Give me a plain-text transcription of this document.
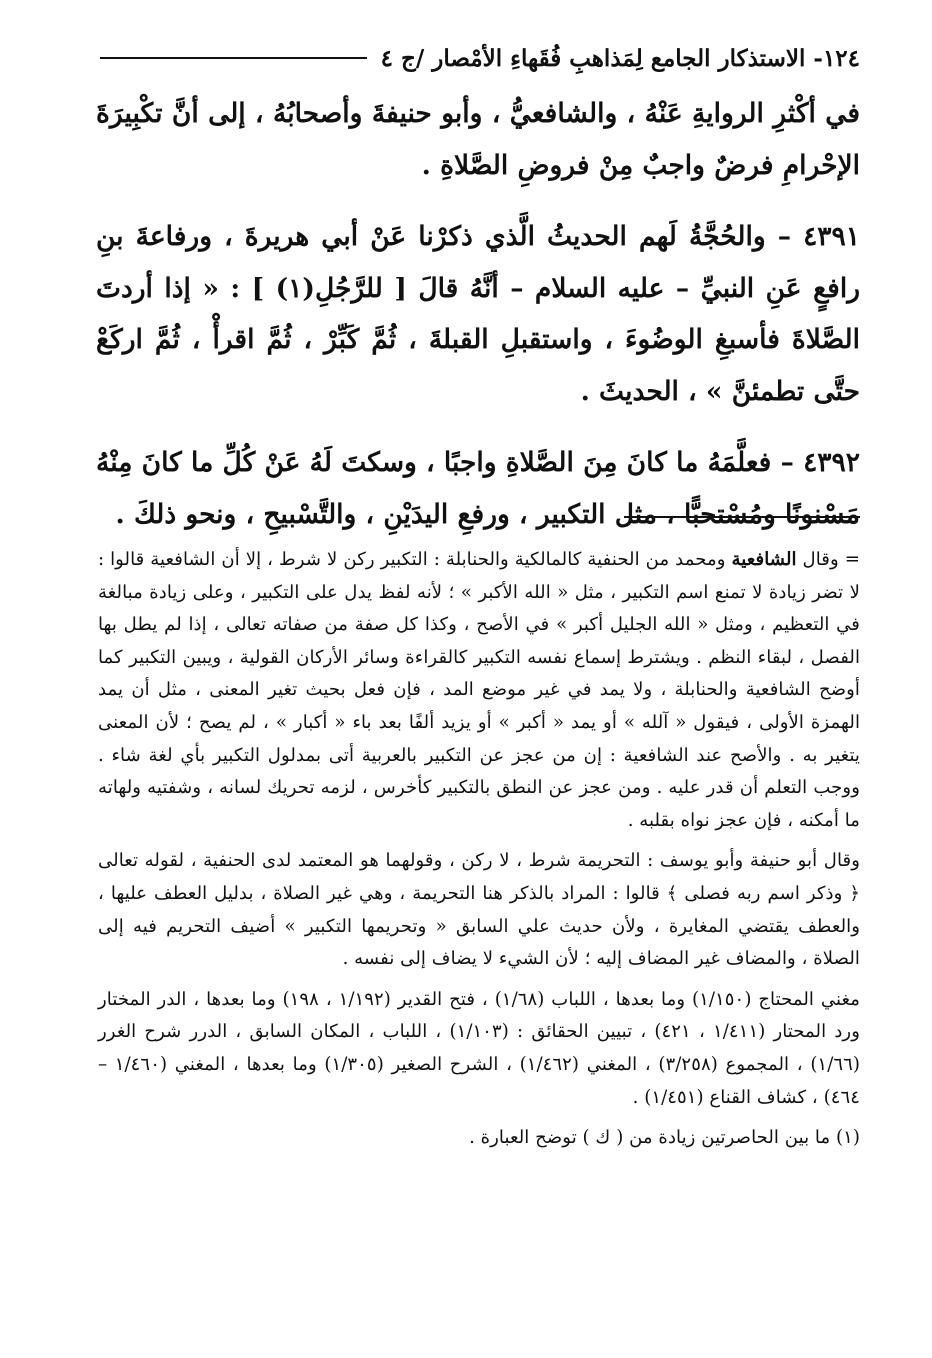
١٢٤- الاستذكار الجامع لِمَذاهبِ فُقَهاءِ الأمْصار /ج ٤

في أكْثرِ الروايةِ عَنْهُ ، والشافعيُّ ، وأبو حنيفةَ وأصحابُهُ ، إلى أنَّ تكْبِيرَةَ الإحْرامِ فرضٌ واجبٌ مِنْ فروضِ الصَّلاةِ .

٤٣٩١ – والحُجَّةُ لَهم الحديثُ الَّذي ذكرْنا عَنْ أبي هريرةَ ، ورفاعةَ بنِ رافعٍ عَنِ النبيِّ – عليه السلام – أنَّهُ قالَ [ للرَّجُلِ(١) ] : « إذا أردتَ الصَّلاةَ فأسبغِ الوضُوءَ ، واستقبلِ القبلةَ ، ثُمَّ كَبِّرْ ، ثُمَّ اقرأْ ، ثُمَّ اركَعْ حتَّى تطمئنَّ » ، الحديثَ .

٤٣٩٢ – فعلَّمَهُ ما كانَ مِنَ الصَّلاةِ واجبًا ، وسكتَ لَهُ عَنْ كُلِّ ما كانَ مِنْهُ مَسْنونًا ومُسْتحبًّا ، مثل التكبير ، ورفعِ اليدَيْنِ ، والتَّسْبيحِ ، ونحو ذلكَ .

= وقال الشافعية ومحمد من الحنفية كالمالكية والحنابلة : التكبير ركن لا شرط ، إلا أن الشافعية قالوا : لا تضر زيادة لا تمنع اسم التكبير ، مثل « الله الأكبر » ؛ لأنه لفظ يدل على التكبير ، وعلى زيادة مبالغة في التعظيم ، ومثل « الله الجليل أكبر » في الأصح ، وكذا كل صفة من صفاته تعالى ، إذا لم يطل بها الفصل ، لبقاء النظم . ويشترط إسماع نفسه التكبير كالقراءة وسائر الأركان القولية ، ويبين التكبير كما أوضح الشافعية والحنابلة ، ولا يمد في غير موضع المد ، فإن فعل بحيث تغير المعنى ، مثل أن يمد الهمزة الأولى ، فيقول « آلله » أو يمد « أكبر » أو يزيد ألفًا بعد باء « أكبار » ، لم يصح ؛ لأن المعنى يتغير به . والأصح عند الشافعية : إن من عجز عن التكبير بالعربية أتى بمدلول التكبير بأي لغة شاء . ووجب التعلم أن قدر عليه . ومن عجز عن النطق بالتكبير كأخرس ، لزمه تحريك لسانه ، وشفتيه ولهاته ما أمكنه ، فإن عجز نواه بقلبه .

وقال أبو حنيفة وأبو يوسف : التحريمة شرط ، لا ركن ، وقولهما هو المعتمد لدى الحنفية ، لقوله تعالى ﴿ وذكر اسم ربه فصلى ﴾ قالوا : المراد بالذكر هنا التحريمة ، وهي غير الصلاة ، بدليل العطف عليها ، والعطف يقتضي المغايرة ، ولأن حديث علي السابق « وتحريمها التكبير » أضيف التحريم فيه إلى الصلاة ، والمضاف غير المضاف إليه ؛ لأن الشيء لا يضاف إلى نفسه .

مغني المحتاج (١/١٥٠) وما بعدها ، اللباب (١/٦٨) ، فتح القدير (١/١٩٢ ، ١٩٨) وما بعدها ، الدر المختار ورد المحتار (١/٤١١ ، ٤٢١) ، تبيين الحقائق : (١/١٠٣) ، اللباب ، المكان السابق ، الدرر شرح الغرر (١/٦٦) ، المجموع (٣/٢٥٨) ، المغني (١/٤٦٢) ، الشرح الصغير (١/٣٠٥) وما بعدها ، المغني (١/٤٦٠ – ٤٦٤) ، كشاف القناع (١/٤٥١) .

(١) ما بين الحاصرتين زيادة من ( ك ) توضح العبارة .
